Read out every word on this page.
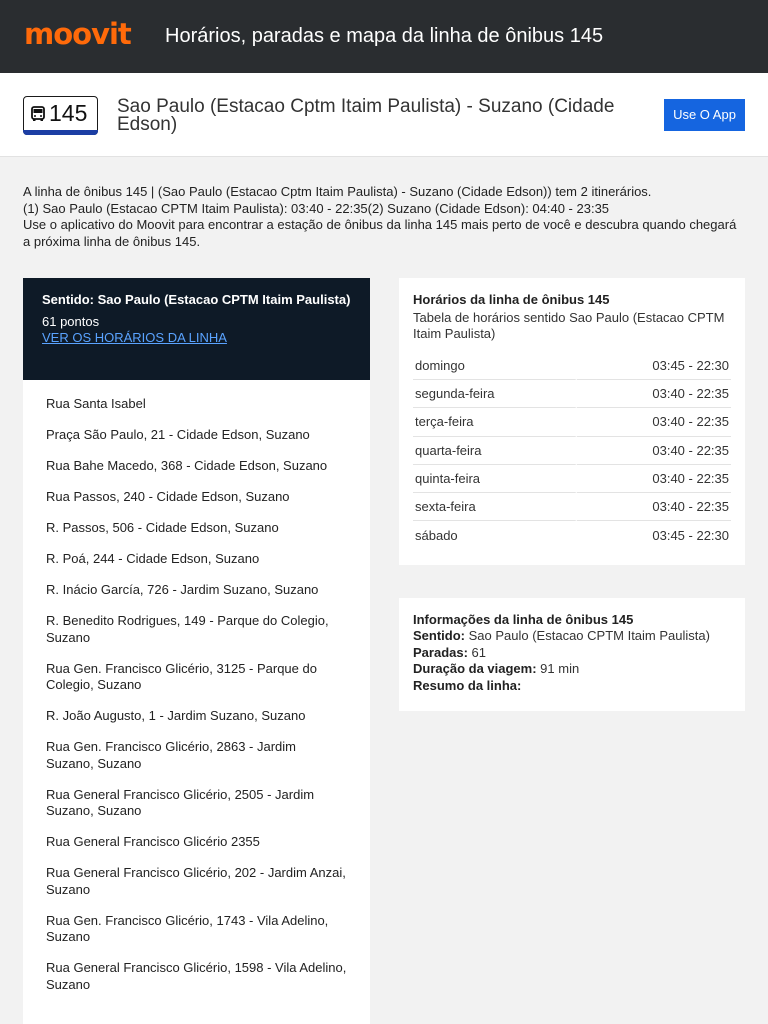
moovit Horários, paradas e mapa da linha de ônibus 145
145 Sao Paulo (Estacao Cptm Itaim Paulista) - Suzano (Cidade Edson)	Use O App
A linha de ônibus 145 | (Sao Paulo (Estacao Cptm Itaim Paulista) - Suzano (Cidade Edson)) tem 2 itinerários.
(1) Sao Paulo (Estacao CPTM Itaim Paulista): 03:40 - 22:35(2) Suzano (Cidade Edson): 04:40 - 23:35
Use o aplicativo do Moovit para encontrar a estação de ônibus da linha 145 mais perto de você e descubra quando chegará a próxima linha de ônibus 145.
Sentido: Sao Paulo (Estacao CPTM Itaim Paulista)
61 pontos
VER OS HORÁRIOS DA LINHA
Rua Santa Isabel
Praça São Paulo, 21 - Cidade Edson, Suzano
Rua Bahe Macedo, 368 - Cidade Edson, Suzano
Rua Passos, 240 - Cidade Edson, Suzano
R. Passos, 506 - Cidade Edson, Suzano
R. Poá, 244 - Cidade Edson, Suzano
R. Inácio García, 726 - Jardim Suzano, Suzano
R. Benedito Rodrigues, 149 - Parque do Colegio, Suzano
Rua Gen. Francisco Glicério, 3125 - Parque do Colegio, Suzano
R. João Augusto, 1 - Jardim Suzano, Suzano
Rua Gen. Francisco Glicério, 2863 - Jardim Suzano, Suzano
Rua General Francisco Glicério, 2505 - Jardim Suzano, Suzano
Rua General Francisco Glicério 2355
Rua General Francisco Glicério, 202 - Jardim Anzai, Suzano
Rua Gen. Francisco Glicério, 1743 - Vila Adelino, Suzano
Rua General Francisco Glicério, 1598 - Vila Adelino, Suzano
Horários da linha de ônibus 145
Tabela de horários sentido Sao Paulo (Estacao CPTM Itaim Paulista)
domingo	03:45 - 22:30
segunda-feira	03:40 - 22:35
terça-feira	03:40 - 22:35
quarta-feira	03:40 - 22:35
quinta-feira	03:40 - 22:35
sexta-feira	03:40 - 22:35
sábado	03:45 - 22:30
Informações da linha de ônibus 145
Sentido: Sao Paulo (Estacao CPTM Itaim Paulista)
Paradas: 61
Duração da viagem: 91 min
Resumo da linha:
